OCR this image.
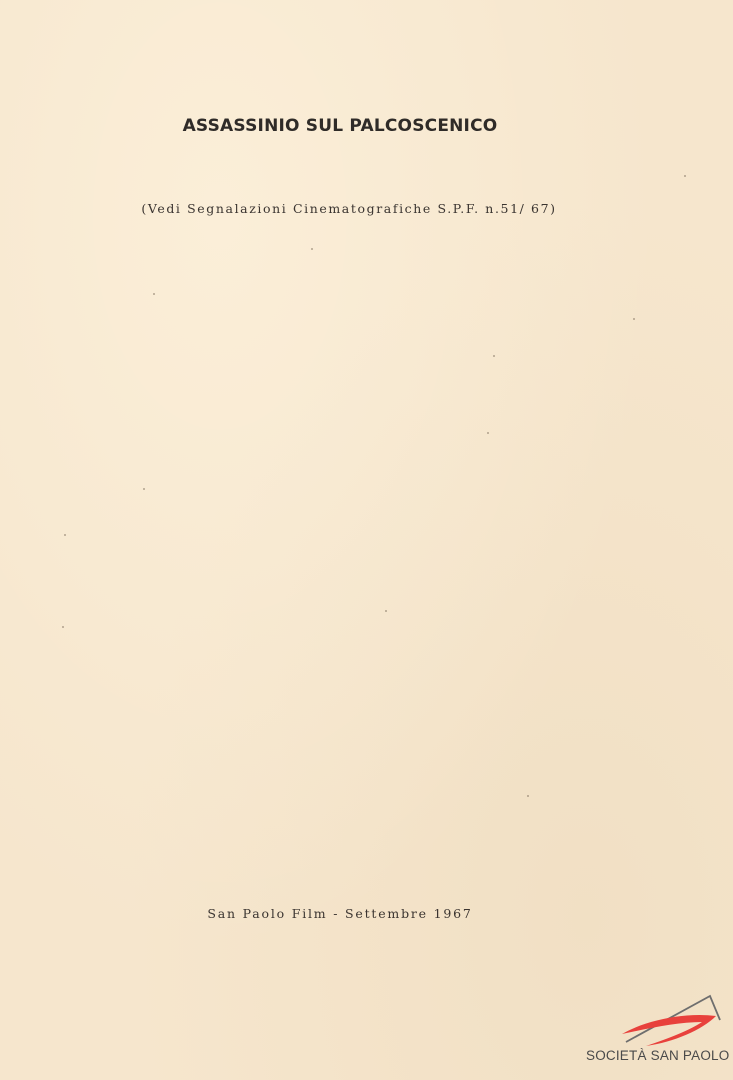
ASSASSINIO SUL PALCOSCENICO
(Vedi Segnalazioni Cinematografiche S.P.F. n.51/ 67)
San Paolo Film - Settembre 1967
SOCIETÀ SAN PAOLO
